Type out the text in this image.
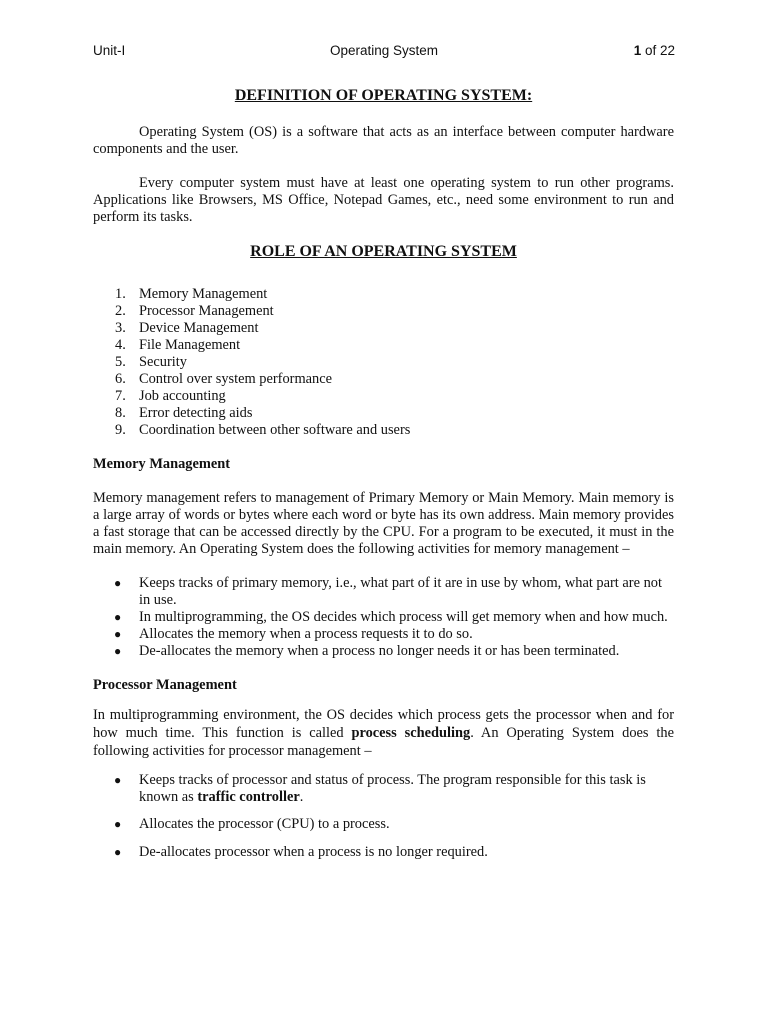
Unit-I	Operating System	1 of 22
DEFINITION OF OPERATING SYSTEM:

Operating System (OS) is a software that acts as an interface between computer hardware components and the user.

Every computer system must have at least one operating system to run other programs. Applications like Browsers, MS Office, Notepad Games, etc., need some environment to run and perform its tasks.

ROLE OF AN OPERATING SYSTEM
1. Memory Management
2. Processor Management
3. Device Management
4. File Management
5. Security
6. Control over system performance
7. Job accounting
8. Error detecting aids
9. Coordination between other software and users
Memory Management

Memory management refers to management of Primary Memory or Main Memory. Main memory is a large array of words or bytes where each word or byte has its own address. Main memory provides a fast storage that can be accessed directly by the CPU. For a program to be executed, it must in the main memory. An Operating System does the following activities for memory management –

● Keeps tracks of primary memory, i.e., what part of it are in use by whom, what part are not in use.
● In multiprogramming, the OS decides which process will get memory when and how much.
● Allocates the memory when a process requests it to do so.
● De-allocates the memory when a process no longer needs it or has been terminated.
Processor Management

In multiprogramming environment, the OS decides which process gets the processor when and for how much time. This function is called process scheduling. An Operating System does the following activities for processor management –

● Keeps tracks of processor and status of process. The program responsible for this task is known as traffic controller.
● Allocates the processor (CPU) to a process.
● De-allocates processor when a process is no longer required.
